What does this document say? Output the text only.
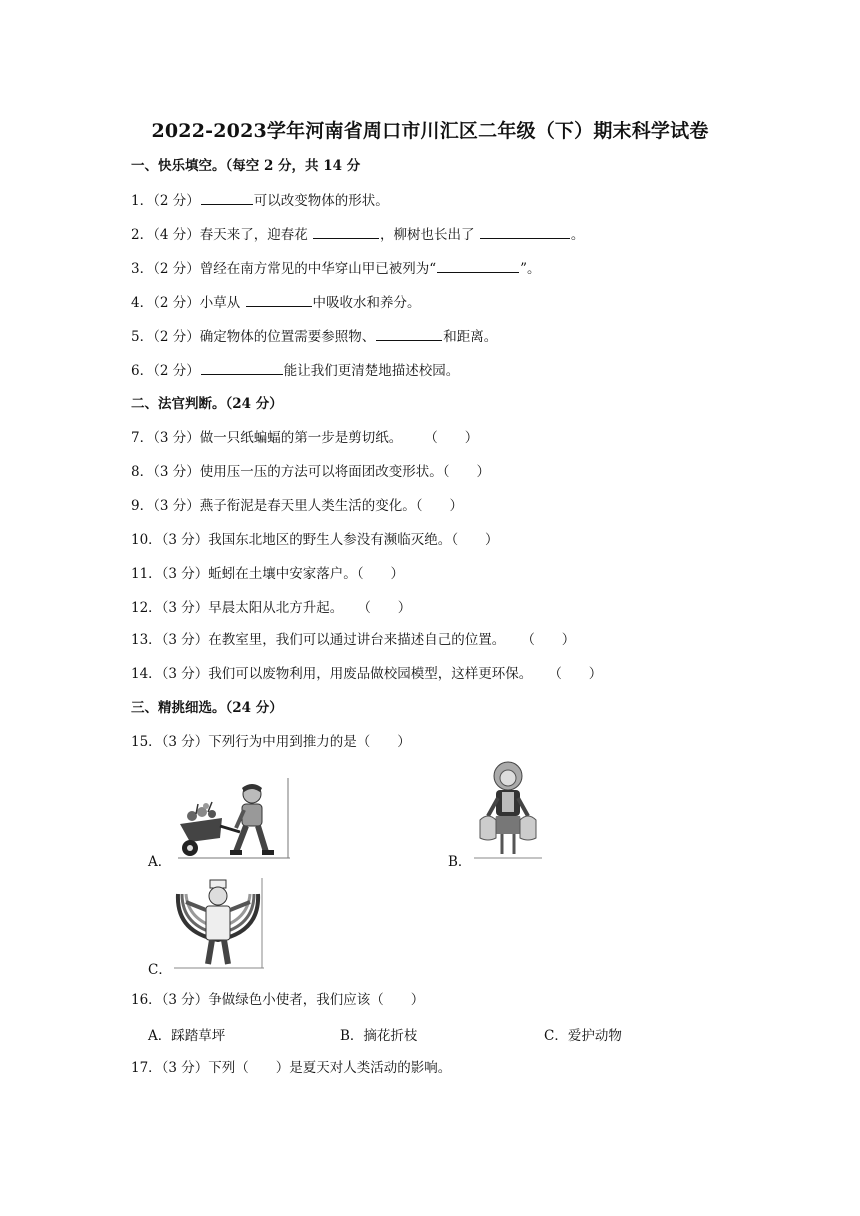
2022-2023学年河南省周口市川汇区二年级（下）期末科学试卷
一、快乐填空。（每空 2 分，共 14 分
1．（2 分）	可以改变物体的形状。
2．（4 分）春天来了，迎春花	，柳树也长出了	。
3．（2 分）曾经在南方常见的中华穿山甲已被列为“	”。
4．（2 分）小草从	中吸收水和养分。
5．（2 分）确定物体的位置需要参照物、	和距离。
6．（2 分）	能让我们更清楚地描述校园。
二、法官判断。（24 分）
7．（3 分）做一只纸蝙蝠的第一步是剪切纸。 （　　）
8．（3 分）使用压一压的方法可以将面团改变形状。（　　）
9．（3 分）燕子衔泥是春天里人类生活的变化。（　　）
10．（3 分）我国东北地区的野生人参没有濒临灭绝。（　　）
11．（3 分）蚯蚓在土壤中安家落户。（　　）
12．（3 分）早晨太阳从北方升起。 （　　）
13．（3 分）在教室里，我们可以通过讲台来描述自己的位置。 （　　）
14．（3 分）我们可以废物利用，用废品做校园模型，这样更环保。 （　　）
三、精挑细选。（24 分）
15．（3 分）下列行为中用到推力的是（　　）
A．	B．
C．
16．（3 分）争做绿色小使者，我们应该（　　）
A．踩踏草坪	B．摘花折枝	C．爱护动物
17．（3 分）下列（　　）是夏天对人类活动的影响。
